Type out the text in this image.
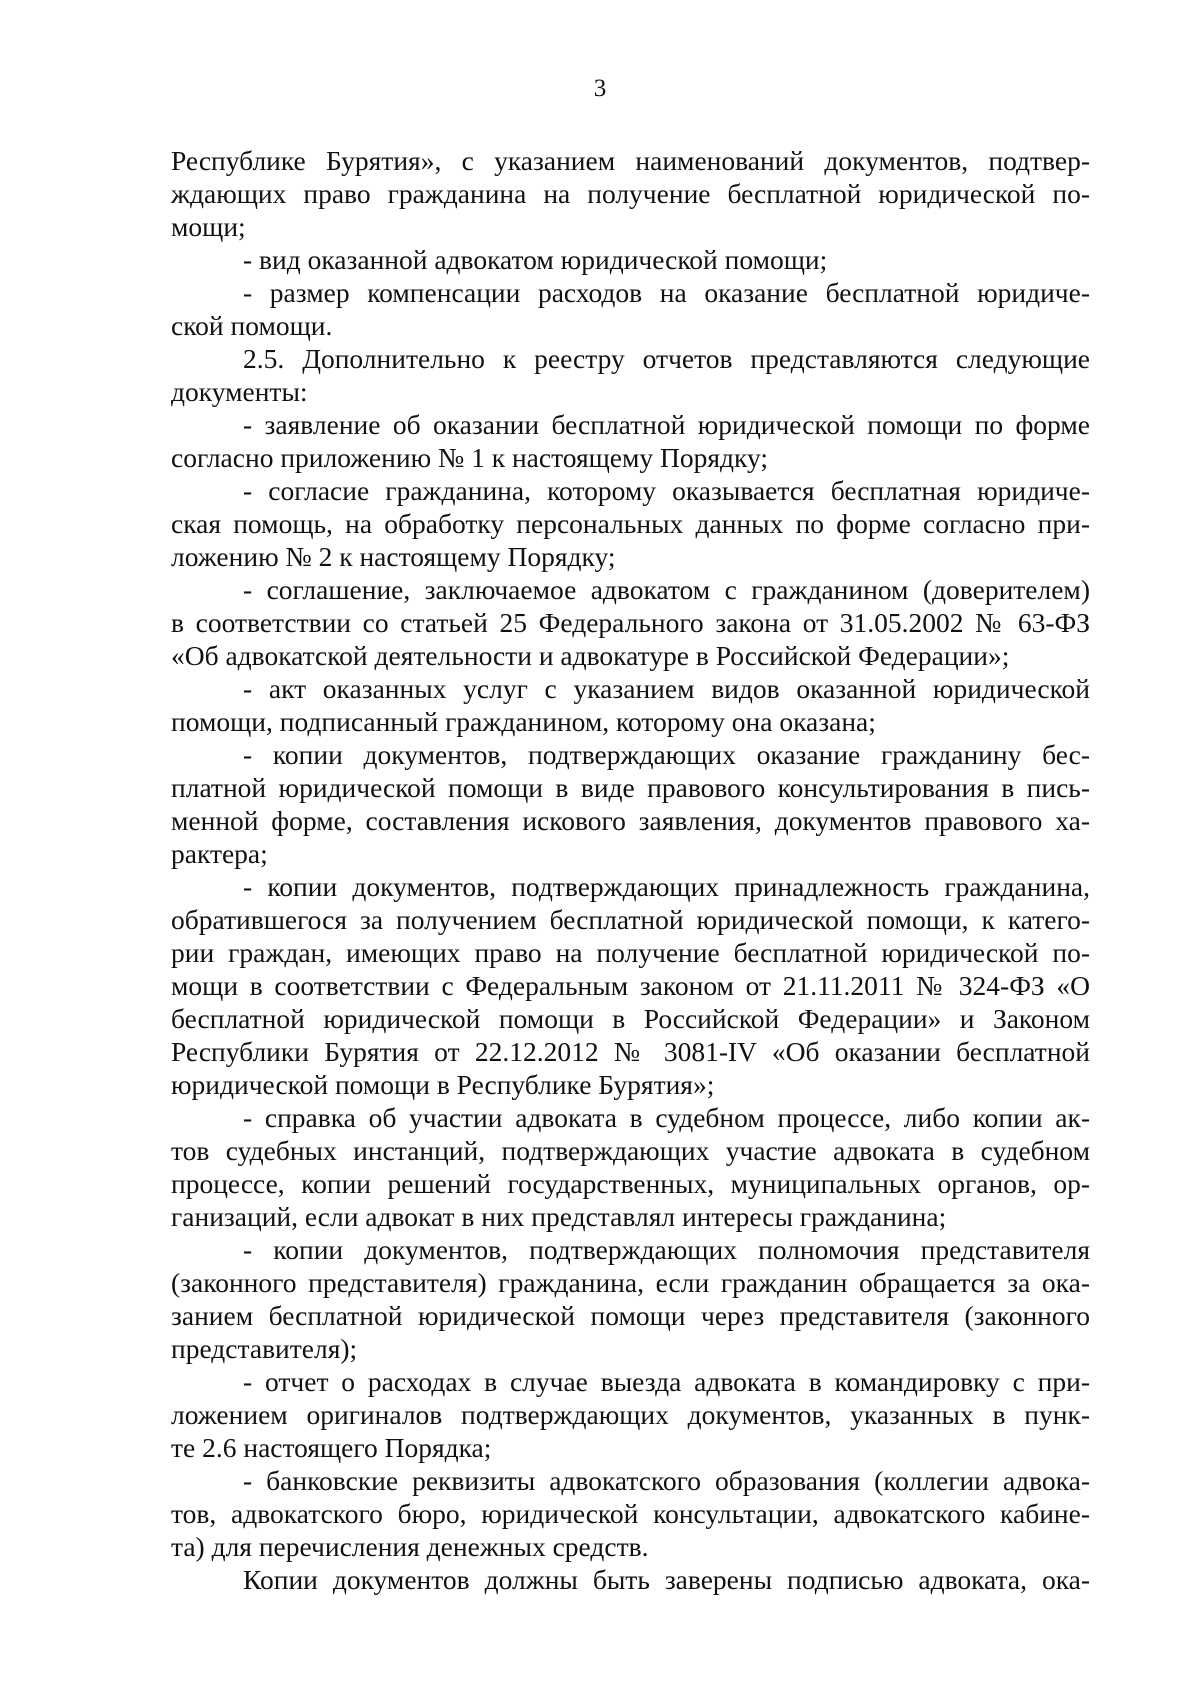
3
Республике Бурятия», с указанием наименований документов, подтвер-
ждающих право гражданина на получение бесплатной юридической по-
мощи;
- вид оказанной адвокатом юридической помощи;
- размер компенсации расходов на оказание бесплатной юридиче-
ской помощи.
2.5. Дополнительно к реестру отчетов представляются следующие
документы:
- заявление об оказании бесплатной юридической помощи по форме
согласно приложению № 1 к настоящему Порядку;
- согласие гражданина, которому оказывается бесплатная юридиче-
ская помощь, на обработку персональных данных по форме согласно при-
ложению № 2 к настоящему Порядку;
- соглашение, заключаемое адвокатом с гражданином (доверителем)
в соответствии со статьей 25 Федерального закона от 31.05.2002 № 63-ФЗ
«Об адвокатской деятельности и адвокатуре в Российской Федерации»;
- акт оказанных услуг с указанием видов оказанной юридической
помощи, подписанный гражданином, которому она оказана;
- копии документов, подтверждающих оказание гражданину бес-
платной юридической помощи в виде правового консультирования в пись-
менной форме, составления искового заявления, документов правового ха-
рактера;
- копии документов, подтверждающих принадлежность гражданина,
обратившегося за получением бесплатной юридической помощи, к катего-
рии граждан, имеющих право на получение бесплатной юридической по-
мощи в соответствии с Федеральным законом от 21.11.2011 № 324-ФЗ «О
бесплатной юридической помощи в Российской Федерации» и Законом
Республики Бурятия от 22.12.2012 № 3081-IV «Об оказании бесплатной
юридической помощи в Республике Бурятия»;
- справка об участии адвоката в судебном процессе, либо копии ак-
тов судебных инстанций, подтверждающих участие адвоката в судебном
процессе, копии решений государственных, муниципальных органов, ор-
ганизаций, если адвокат в них представлял интересы гражданина;
- копии документов, подтверждающих полномочия представителя
(законного представителя) гражданина, если гражданин обращается за ока-
занием бесплатной юридической помощи через представителя (законного
представителя);
- отчет о расходах в случае выезда адвоката в командировку с при-
ложением оригиналов подтверждающих документов, указанных в пунк-
те 2.6 настоящего Порядка;
- банковские реквизиты адвокатского образования (коллегии адвока-
тов, адвокатского бюро, юридической консультации, адвокатского кабине-
та) для перечисления денежных средств.
Копии документов должны быть заверены подписью адвоката, ока-
